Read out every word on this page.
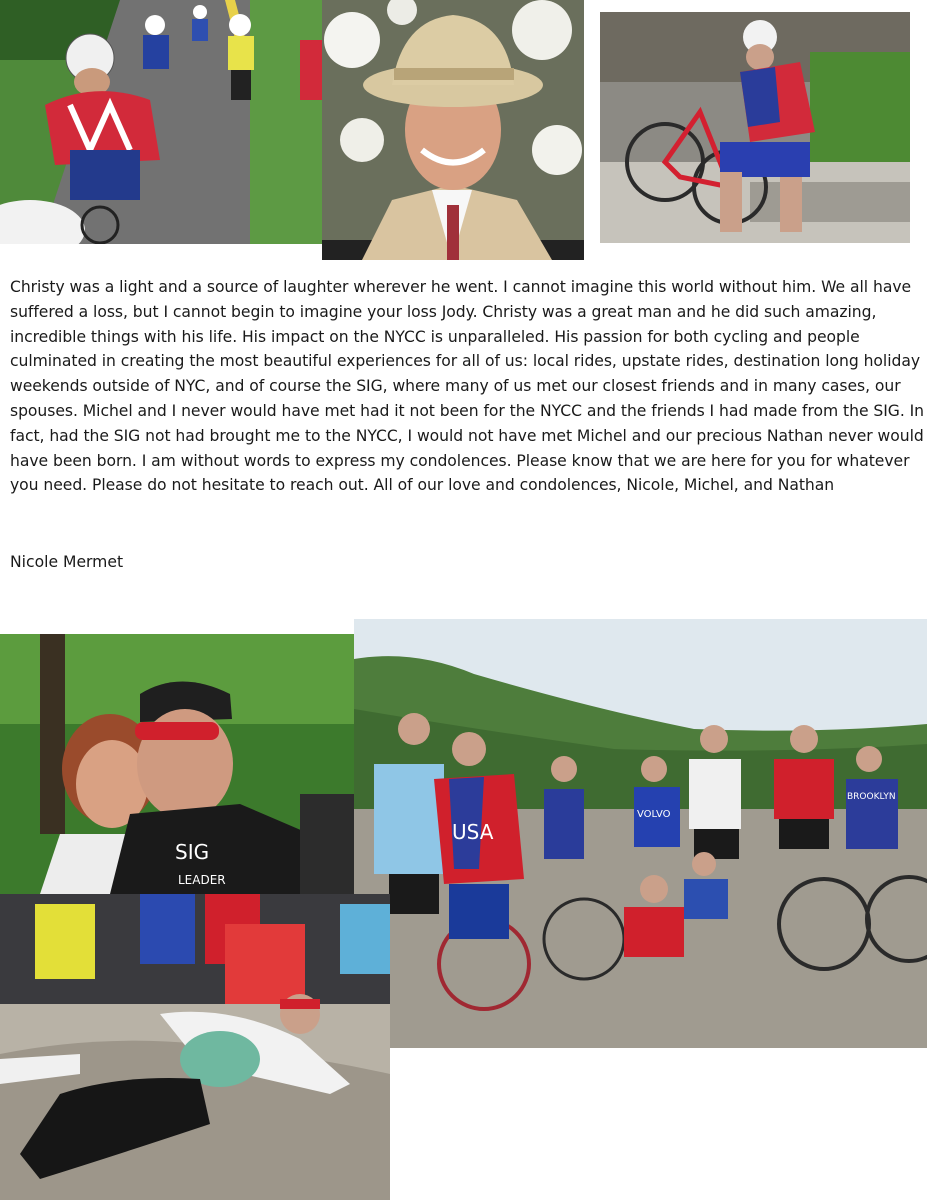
Christy was a light and a source of laughter wherever he went. I cannot imagine this world without him. We all have suffered a loss, but I cannot begin to imagine your loss Jody. Christy was a great man and he did such amazing, incredible things with his life. His impact on the NYCC is unparalleled. His passion for both cycling and people culminated in creating the most beautiful experiences for all of us: local rides, upstate rides, destination long holiday weekends outside of NYC, and of course the SIG, where many of us met our closest friends and in many cases, our spouses. Michel and I never would have met had it not been for the NYCC and the friends I had made from the SIG. In fact, had the SIG not had brought me to the NYCC, I would not have met Michel and our precious Nathan never would have been born. I am without words to express my condolences. Please know that we are here for you for whatever you need. Please do not hesitate to reach out. All of our love and condolences, Nicole, Michel, and Nathan

Nicole Mermet

SIG
LEADER
USA
VOLVO
BROOKLYN
